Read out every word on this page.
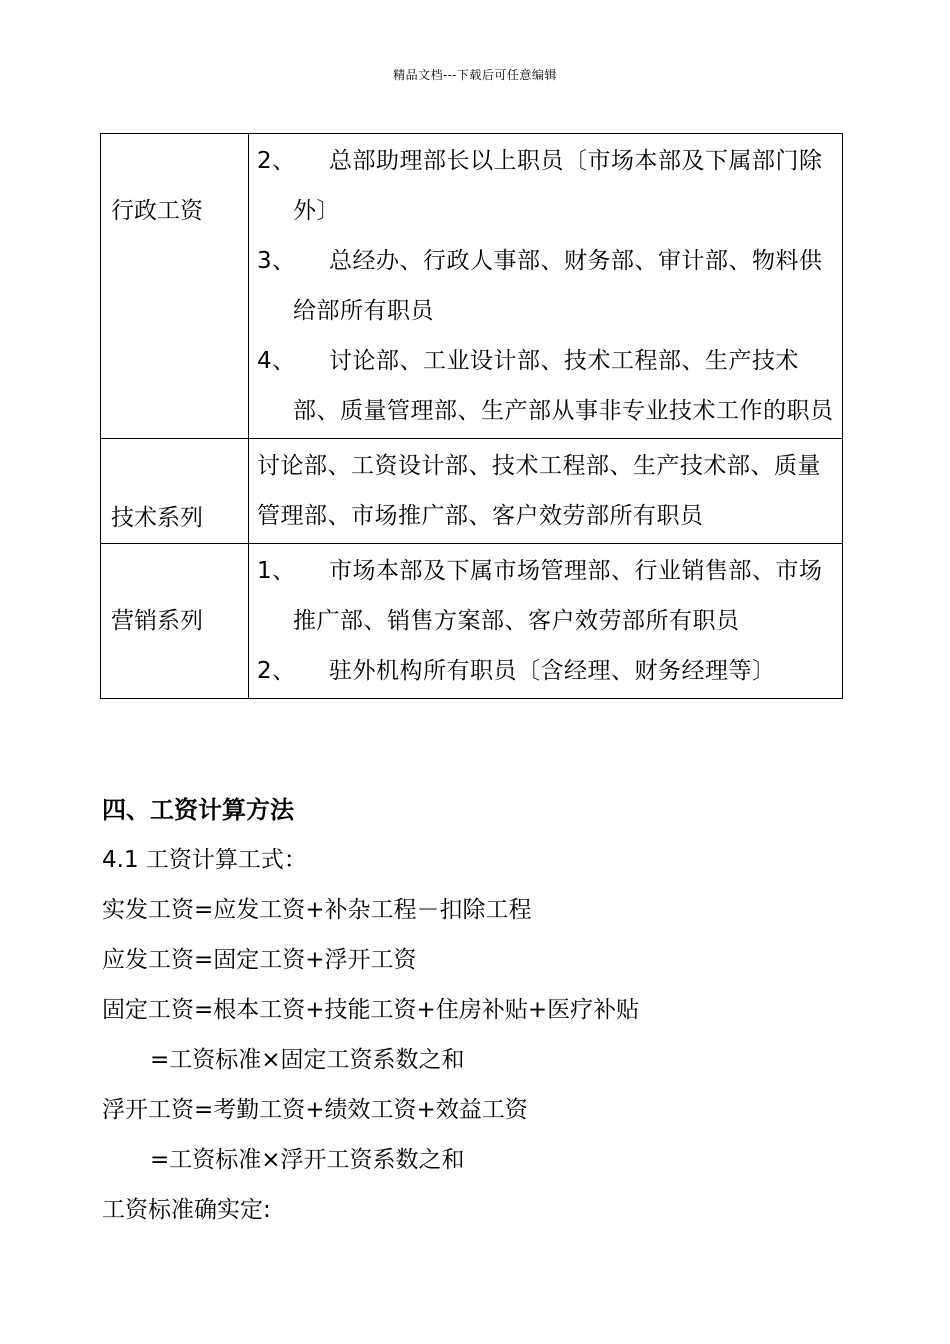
精品文档---下载后可任意编辑
行政工资	2、 总部助理部长以上职员〔市场本部及下属部门除外〕
3、 总经办、行政人事部、财务部、审计部、物料供给部所有职员
4、 讨论部、工业设计部、技术工程部、生产技术部、质量管理部、生产部从事非专业技术工作的职员

技术系列	讨论部、工资设计部、技术工程部、生产技术部、质量管理部、市场推广部、客户效劳部所有职员

营销系列	1、 市场本部及下属市场管理部、行业销售部、市场推广部、销售方案部、客户效劳部所有职员
2、 驻外机构所有职员〔含经理、财务经理等〕
四、工资计算方法
4.1 工资计算工式：
实发工资=应发工资+补杂工程－扣除工程
应发工资=固定工资+浮开工资
固定工资=根本工资+技能工资+住房补贴+医疗补贴
=工资标准×固定工资系数之和
浮开工资=考勤工资+绩效工资+效益工资
=工资标准×浮开工资系数之和
工资标准确实定:
